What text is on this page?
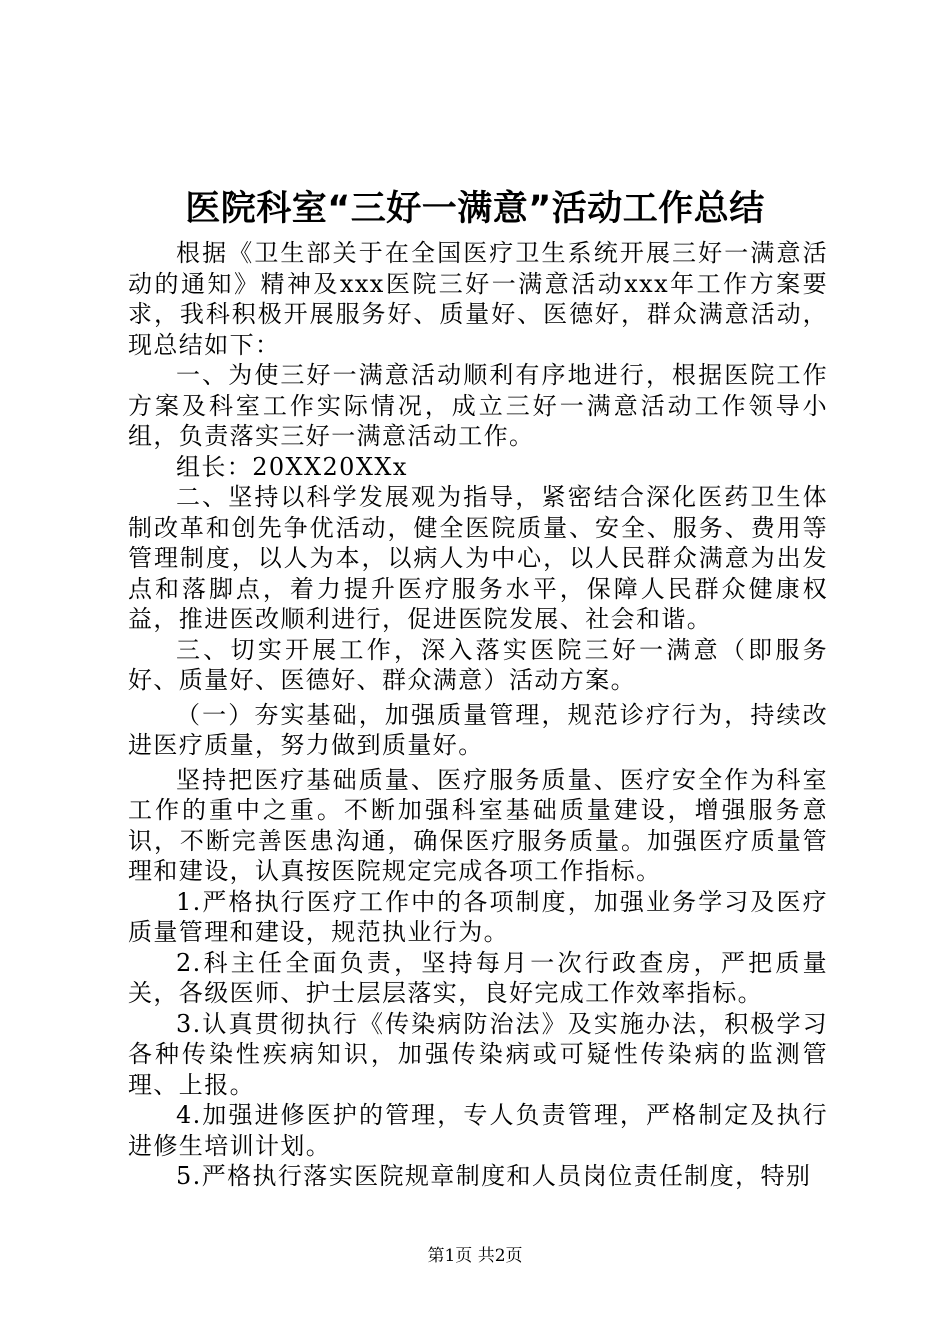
医院科室“三好一满意”活动工作总结

根据《卫生部关于在全国医疗卫生系统开展三好一满意活动的通知》精神及xxx医院三好一满意活动xxx年工作方案要求，我科积极开展服务好、质量好、医德好，群众满意活动，现总结如下：

一、为使三好一满意活动顺利有序地进行，根据医院工作方案及科室工作实际情况，成立三好一满意活动工作领导小组，负责落实三好一满意活动工作。

组长：20XX20XXx

二、坚持以科学发展观为指导，紧密结合深化医药卫生体制改革和创先争优活动，健全医院质量、安全、服务、费用等管理制度，以人为本，以病人为中心，以人民群众满意为出发点和落脚点，着力提升医疗服务水平，保障人民群众健康权益，推进医改顺利进行，促进医院发展、社会和谐。

三、切实开展工作，深入落实医院三好一满意（即服务好、质量好、医德好、群众满意）活动方案。

（一）夯实基础，加强质量管理，规范诊疗行为，持续改进医疗质量，努力做到质量好。

坚持把医疗基础质量、医疗服务质量、医疗安全作为科室工作的重中之重。不断加强科室基础质量建设，增强服务意识，不断完善医患沟通，确保医疗服务质量。加强医疗质量管理和建设，认真按医院规定完成各项工作指标。

1.严格执行医疗工作中的各项制度，加强业务学习及医疗质量管理和建设，规范执业行为。

2.科主任全面负责，坚持每月一次行政查房，严把质量关，各级医师、护士层层落实，良好完成工作效率指标。

3.认真贯彻执行《传染病防治法》及实施办法，积极学习各种传染性疾病知识，加强传染病或可疑性传染病的监测管理、上报。

4.加强进修医护的管理，专人负责管理，严格制定及执行进修生培训计划。

5.严格执行落实医院规章制度和人员岗位责任制度，特别

第1页 共2页
